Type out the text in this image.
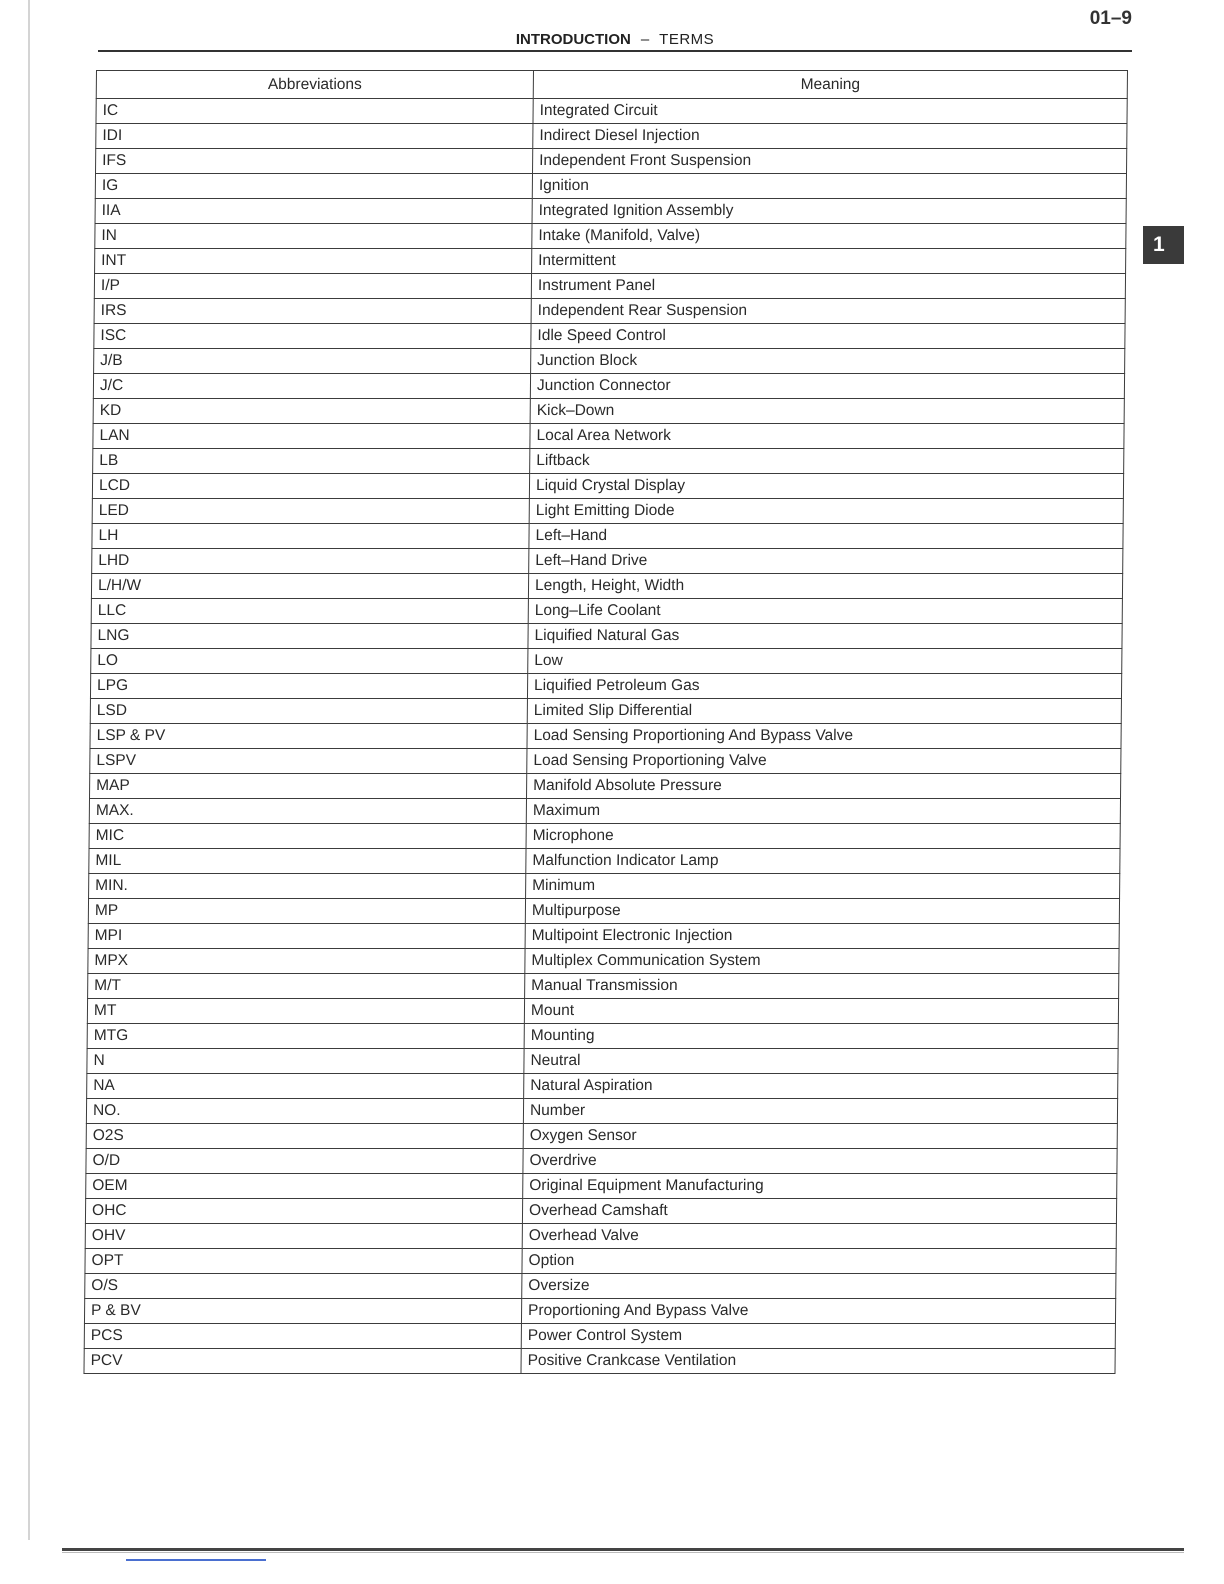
01–9
INTRODUCTION – TERMS
1
Abbreviations	Meaning
IC	Integrated Circuit
IDI	Indirect Diesel Injection
IFS	Independent Front Suspension
IG	Ignition
IIA	Integrated Ignition Assembly
IN	Intake (Manifold, Valve)
INT	Intermittent
I/P	Instrument Panel
IRS	Independent Rear Suspension
ISC	Idle Speed Control
J/B	Junction Block
J/C	Junction Connector
KD	Kick–Down
LAN	Local Area Network
LB	Liftback
LCD	Liquid Crystal Display
LED	Light Emitting Diode
LH	Left–Hand
LHD	Left–Hand Drive
L/H/W	Length, Height, Width
LLC	Long–Life Coolant
LNG	Liquified Natural Gas
LO	Low
LPG	Liquified Petroleum Gas
LSD	Limited Slip Differential
LSP & PV	Load Sensing Proportioning And Bypass Valve
LSPV	Load Sensing Proportioning Valve
MAP	Manifold Absolute Pressure
MAX.	Maximum
MIC	Microphone
MIL	Malfunction Indicator Lamp
MIN.	Minimum
MP	Multipurpose
MPI	Multipoint Electronic Injection
MPX	Multiplex Communication System
M/T	Manual Transmission
MT	Mount
MTG	Mounting
N	Neutral
NA	Natural Aspiration
NO.	Number
O2S	Oxygen Sensor
O/D	Overdrive
OEM	Original Equipment Manufacturing
OHC	Overhead Camshaft
OHV	Overhead Valve
OPT	Option
O/S	Oversize
P & BV	Proportioning And Bypass Valve
PCS	Power Control System
PCV	Positive Crankcase Ventilation
